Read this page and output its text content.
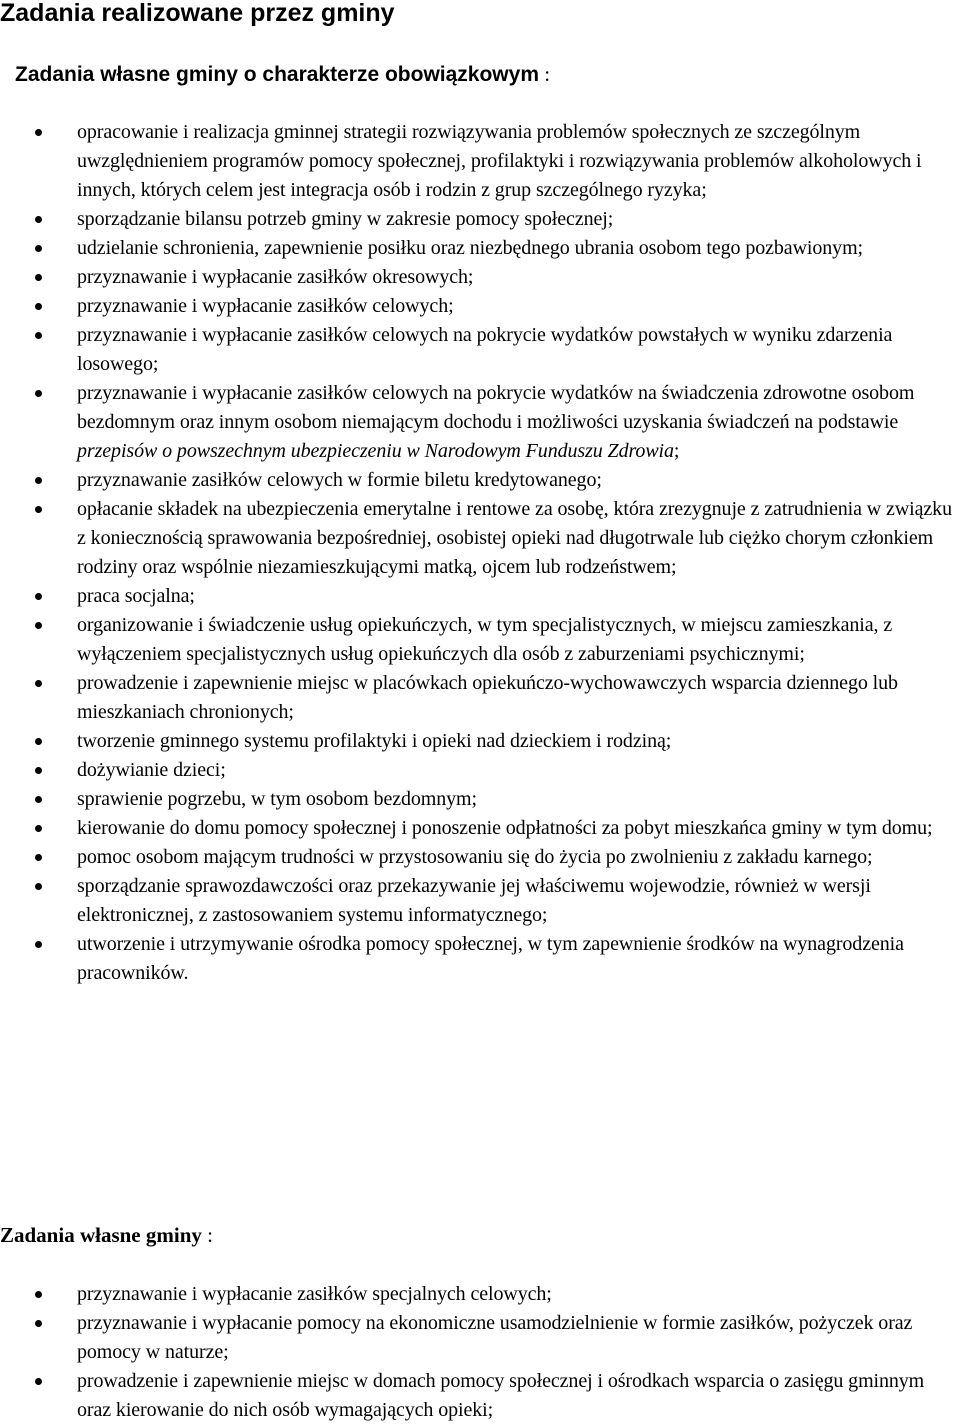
Zadania realizowane przez gminy
Zadania własne gminy o charakterze obowiązkowym :
opracowanie i realizacja gminnej strategii rozwiązywania problemów społecznych ze szczególnym uwzględnieniem programów pomocy społecznej, profilaktyki i rozwiązywania problemów alkoholowych i innych, których celem jest integracja osób i rodzin z grup szczególnego ryzyka;
sporządzanie bilansu potrzeb gminy w zakresie pomocy społecznej;
udzielanie schronienia, zapewnienie posiłku oraz niezbędnego ubrania osobom tego pozbawionym;
przyznawanie i wypłacanie zasiłków okresowych;
przyznawanie i wypłacanie zasiłków celowych;
przyznawanie i wypłacanie zasiłków celowych na pokrycie wydatków powstałych w wyniku zdarzenia losowego;
przyznawanie i wypłacanie zasiłków celowych na pokrycie wydatków na świadczenia zdrowotne osobom bezdomnym oraz innym osobom niemającym dochodu i możliwości uzyskania świadczeń na podstawie przepisów o powszechnym ubezpieczeniu w Narodowym Funduszu Zdrowia;
przyznawanie zasiłków celowych w formie biletu kredytowanego;
opłacanie składek na ubezpieczenia emerytalne i rentowe za osobę, która zrezygnuje z zatrudnienia w związku z koniecznością sprawowania bezpośredniej, osobistej opieki nad długotrwale lub ciężko chorym członkiem rodziny oraz wspólnie niezamieszkującymi matką, ojcem lub rodzeństwem;
praca socjalna;
organizowanie i świadczenie usług opiekuńczych, w tym specjalistycznych, w miejscu zamieszkania, z wyłączeniem specjalistycznych usług opiekuńczych dla osób z zaburzeniami psychicznymi;
prowadzenie i zapewnienie miejsc w placówkach opiekuńczo-wychowawczych wsparcia dziennego lub mieszkaniach chronionych;
tworzenie gminnego systemu profilaktyki i opieki nad dzieckiem i rodziną;
dożywianie dzieci;
sprawienie pogrzebu, w tym osobom bezdomnym;
kierowanie do domu pomocy społecznej i ponoszenie odpłatności za pobyt mieszkańca gminy w tym domu;
pomoc osobom mającym trudności w przystosowaniu się do życia po zwolnieniu z zakładu karnego;
sporządzanie sprawozdawczości oraz przekazywanie jej właściwemu wojewodzie, również w wersji elektronicznej, z zastosowaniem systemu informatycznego;
utworzenie i utrzymywanie ośrodka pomocy społecznej, w tym zapewnienie środków na wynagrodzenia pracowników.
Zadania własne gminy :
przyznawanie i wypłacanie zasiłków specjalnych celowych;
przyznawanie i wypłacanie pomocy na ekonomiczne usamodzielnienie w formie zasiłków, pożyczek oraz pomocy w naturze;
prowadzenie i zapewnienie miejsc w domach pomocy społecznej i ośrodkach wsparcia o zasięgu gminnym oraz kierowanie do nich osób wymagających opieki;
